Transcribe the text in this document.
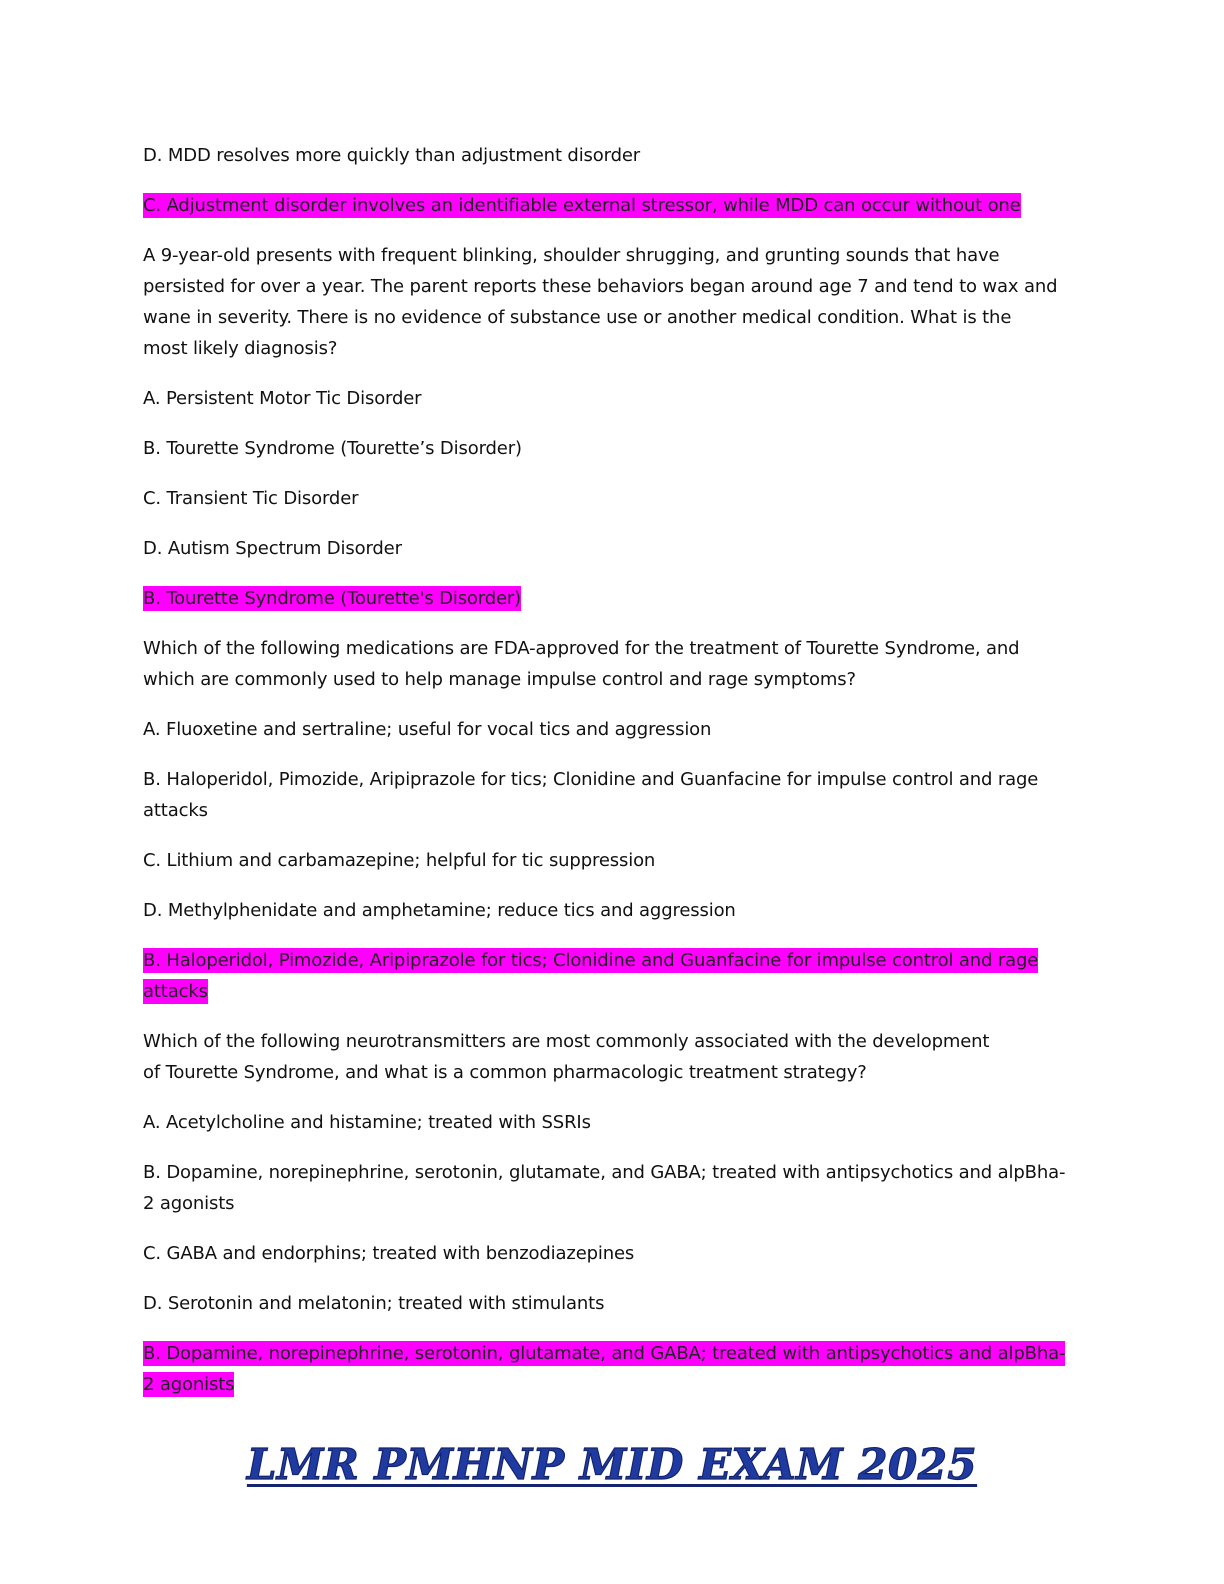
D. MDD resolves more quickly than adjustment disorder

C. Adjustment disorder involves an identifiable external stressor, while MDD can occur without one

A 9-year-old presents with frequent blinking, shoulder shrugging, and grunting sounds that have persisted for over a year. The parent reports these behaviors began around age 7 and tend to wax and wane in severity. There is no evidence of substance use or another medical condition. What is the most likely diagnosis?

A. Persistent Motor Tic Disorder

B. Tourette Syndrome (Tourette’s Disorder)

C. Transient Tic Disorder

D. Autism Spectrum Disorder

B. Tourette Syndrome (Tourette's Disorder)

Which of the following medications are FDA-approved for the treatment of Tourette Syndrome, and which are commonly used to help manage impulse control and rage symptoms?

A. Fluoxetine and sertraline; useful for vocal tics and aggression

B. Haloperidol, Pimozide, Aripiprazole for tics; Clonidine and Guanfacine for impulse control and rage attacks

C. Lithium and carbamazepine; helpful for tic suppression

D. Methylphenidate and amphetamine; reduce tics and aggression

B. Haloperidol, Pimozide, Aripiprazole for tics; Clonidine and Guanfacine for impulse control and rage attacks

Which of the following neurotransmitters are most commonly associated with the development of Tourette Syndrome, and what is a common pharmacologic treatment strategy?

A. Acetylcholine and histamine; treated with SSRIs

B. Dopamine, norepinephrine, serotonin, glutamate, and GABA; treated with antipsychotics and alpBha-2 agonists

C. GABA and endorphins; treated with benzodiazepines

D. Serotonin and melatonin; treated with stimulants

B. Dopamine, norepinephrine, serotonin, glutamate, and GABA; treated with antipsychotics and alpBha-2 agonists

LMR PMHNP MID EXAM 2025
